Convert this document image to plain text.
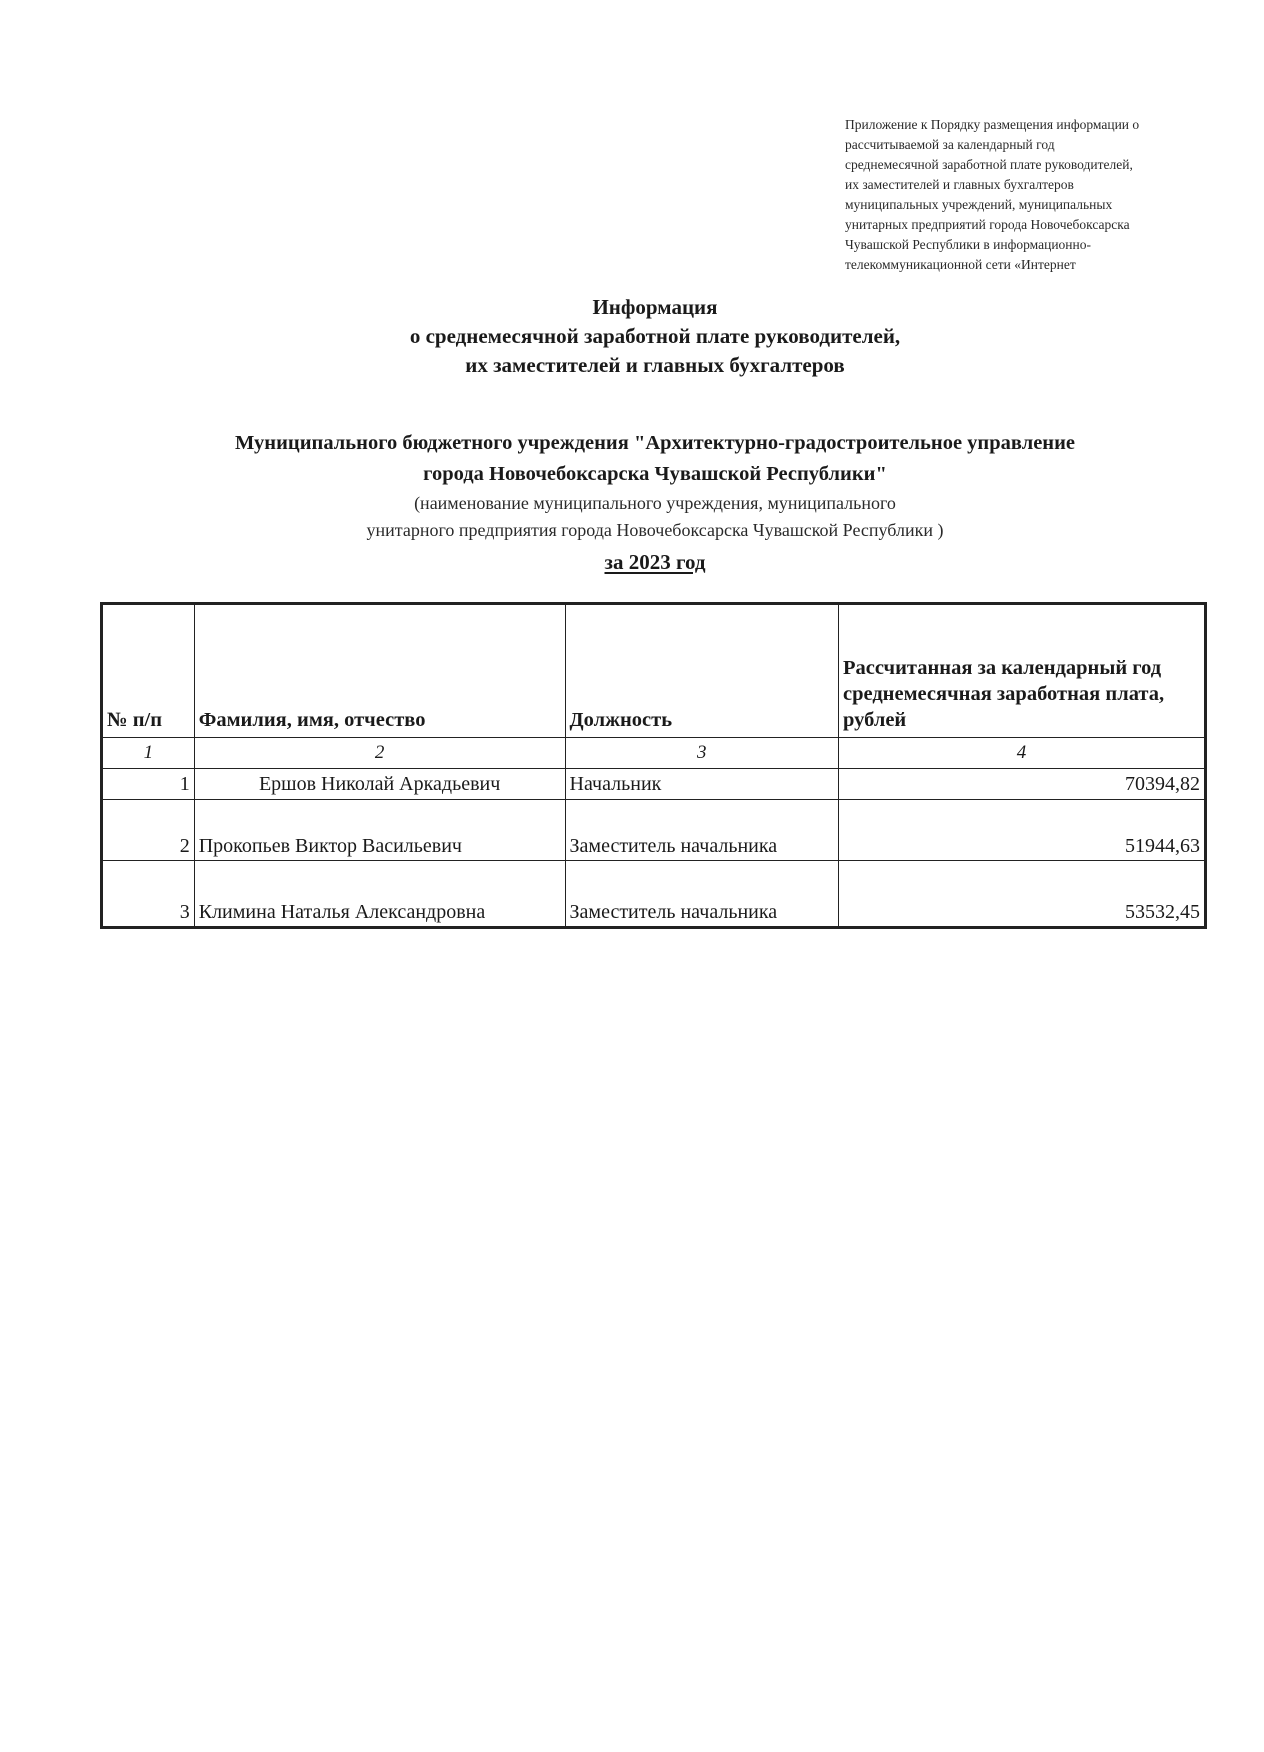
Приложение к Порядку размещения информации о
рассчитываемой за календарный год
среднемесячной заработной плате руководителей,
их заместителей и главных бухгалтеров
муниципальных учреждений, муниципальных
унитарных предприятий города Новочебоксарска
Чувашской Республики в информационно-
телекоммуникационной сети «Интернет
Информация
о среднемесячной заработной плате руководителей,
их заместителей и главных бухгалтеров
Муниципального бюджетного учреждения "Архитектурно-градостроительное управление
города Новочебоксарска Чувашской Республики"
(наименование муниципального учреждения, муниципального
унитарного предприятия города Новочебоксарска Чувашской Республики )
за 2023 год
№ п/п	Фамилия, имя, отчество	Должность	Рассчитанная за календарный год среднемесячная заработная плата, рублей
1	2	3	4
1	Ершов Николай Аркадьевич	Начальник	70394,82
2	Прокопьев Виктор Васильевич	Заместитель начальника	51944,63
3	Климина Наталья Александровна	Заместитель начальника	53532,45
